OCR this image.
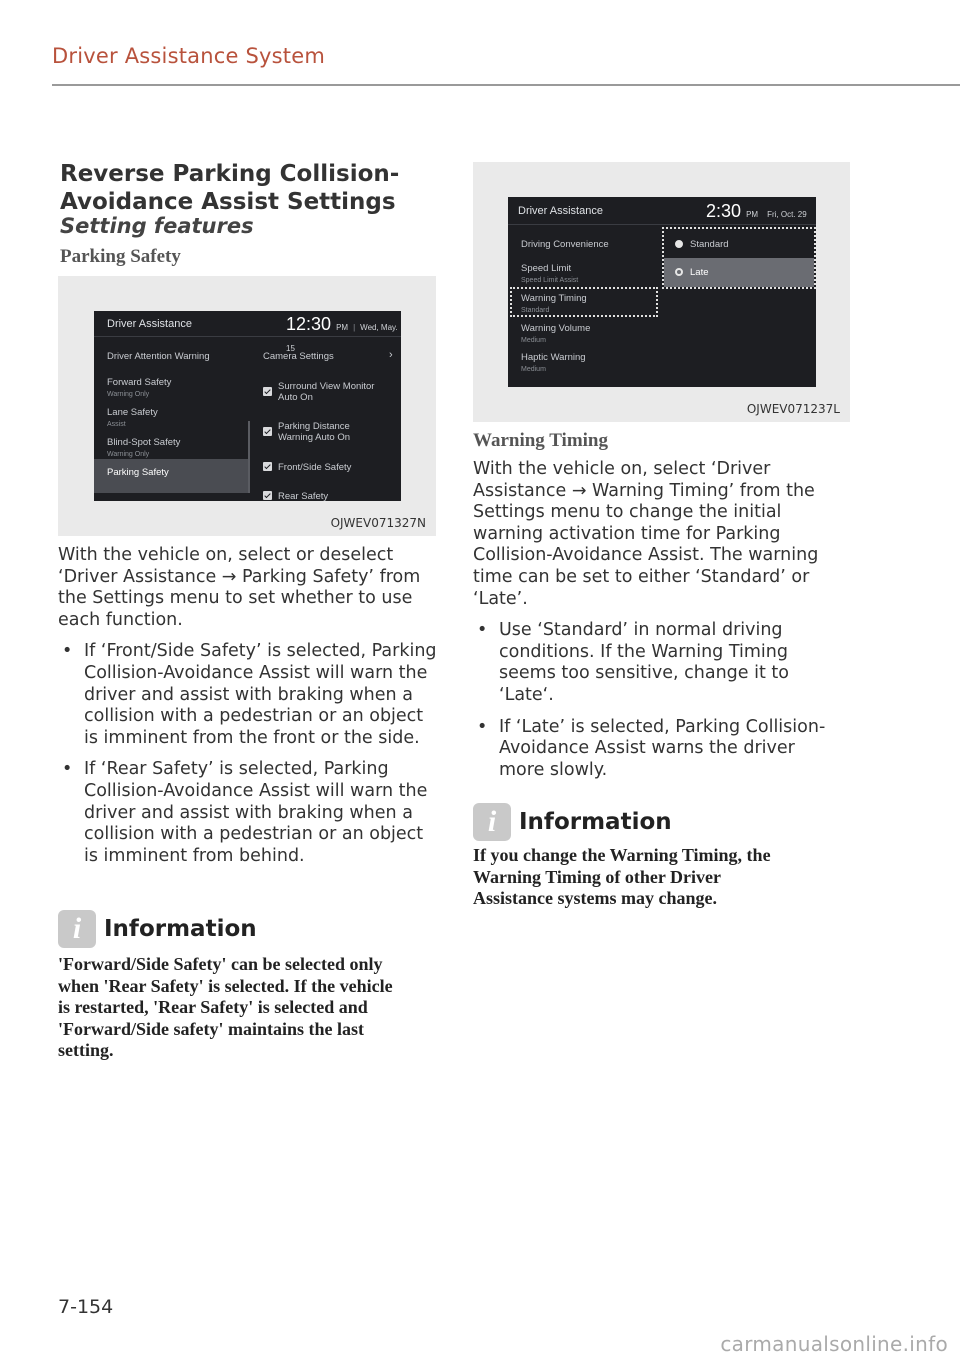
Driver Assistance System
Reverse Parking Collision-Avoidance Assist Settings
Setting features
Parking Safety
Driver Assistance	12:30 PM | Wed, May. 15
Driver Attention Warning
Forward Safety
Warning Only
Lane Safety
Assist
Blind-Spot Safety
Warning Only
Parking Safety
Camera Settings	›
Surround View Monitor
Auto On
Parking Distance
Warning Auto On
Front/Side Safety
Rear Safety
OJWEV071327N
With the vehicle on, select or deselect ‘Driver Assistance → Parking Safety’ from the Settings menu to set whether to use each function.
• If ‘Front/Side Safety’ is selected, Parking Collision-Avoidance Assist will warn the driver and assist with braking when a collision with a pedestrian or an object is imminent from the front or the side.
• If ‘Rear Safety’ is selected, Parking Collision-Avoidance Assist will warn the driver and assist with braking when a collision with a pedestrian or an object is imminent from behind.
i Information
'Forward/Side Safety' can be selected only when 'Rear Safety' is selected. If the vehicle is restarted, 'Rear Safety' is selected and 'Forward/Side safety' maintains the last setting.
Driver Assistance	2:30 PM Fri, Oct. 29
Driving Convenience
Speed Limit
Speed Limit Assist
Warning Timing
Standard
Warning Volume
Medium
Haptic Warning
Medium
Standard
Late
OJWEV071237L
Warning Timing
With the vehicle on, select ‘Driver Assistance → Warning Timing’ from the Settings menu to change the initial warning activation time for Parking Collision-Avoidance Assist. The warning time can be set to either ‘Standard’ or ‘Late’.
• Use ‘Standard’ in normal driving conditions. If the Warning Timing seems too sensitive, change it to ‘Late‘.
• If ‘Late’ is selected, Parking Collision-Avoidance Assist warns the driver more slowly.
i Information
If you change the Warning Timing, the Warning Timing of other Driver Assistance systems may change.
7-154
carmanualsonline.info
